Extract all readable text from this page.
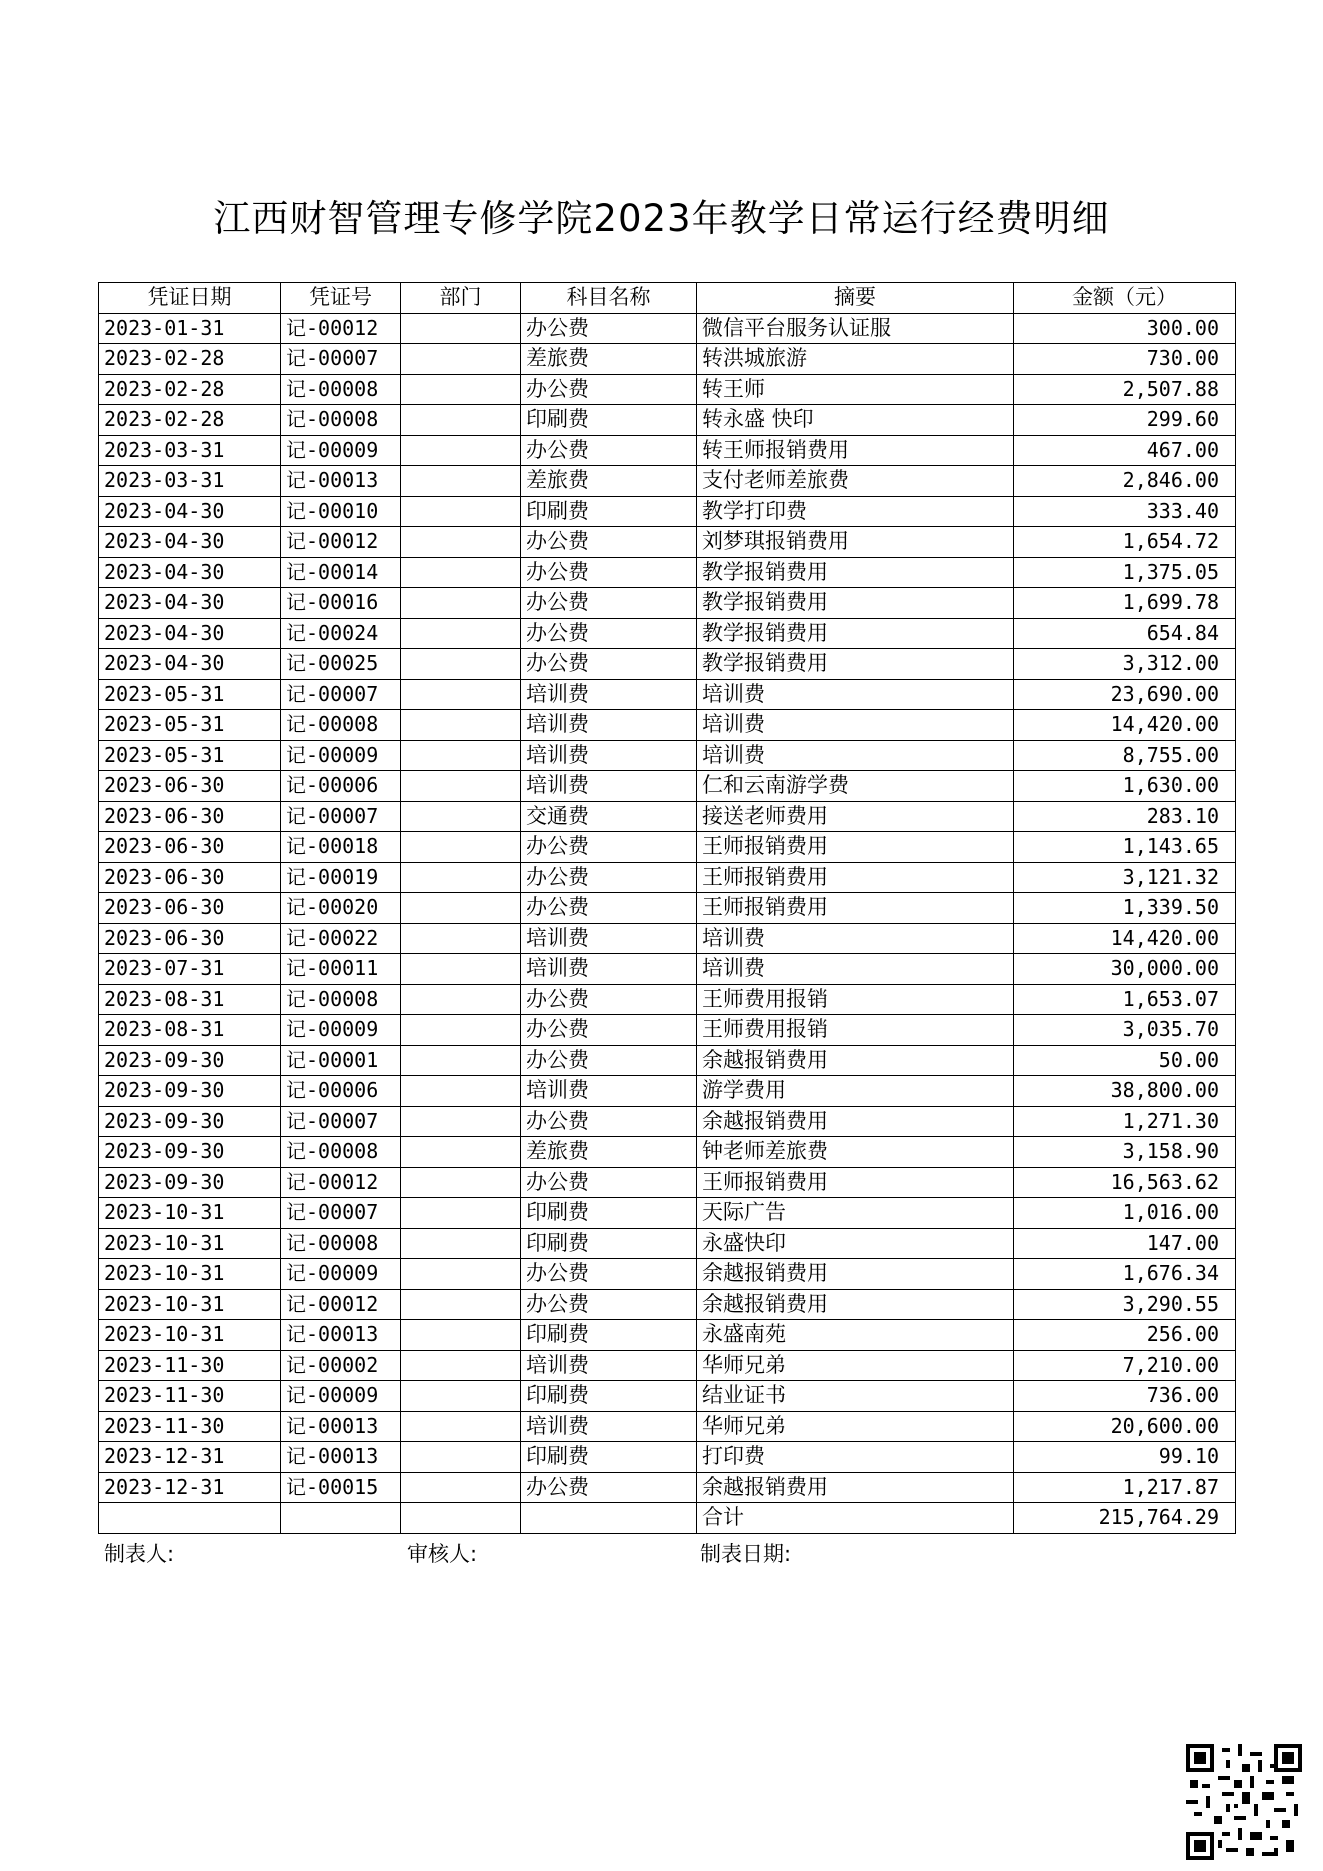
江西财智管理专修学院2023年教学日常运行经费明细
凭证日期	凭证号	部门	科目名称	摘要	金额（元）
2023-01-31	记-00012		办公费	微信平台服务认证服	300.00
2023-02-28	记-00007		差旅费	转洪城旅游	730.00
2023-02-28	记-00008		办公费	转王师	2,507.88
2023-02-28	记-00008		印刷费	转永盛 快印	299.60
2023-03-31	记-00009		办公费	转王师报销费用	467.00
2023-03-31	记-00013		差旅费	支付老师差旅费	2,846.00
2023-04-30	记-00010		印刷费	教学打印费	333.40
2023-04-30	记-00012		办公费	刘梦琪报销费用	1,654.72
2023-04-30	记-00014		办公费	教学报销费用	1,375.05
2023-04-30	记-00016		办公费	教学报销费用	1,699.78
2023-04-30	记-00024		办公费	教学报销费用	654.84
2023-04-30	记-00025		办公费	教学报销费用	3,312.00
2023-05-31	记-00007		培训费	培训费	23,690.00
2023-05-31	记-00008		培训费	培训费	14,420.00
2023-05-31	记-00009		培训费	培训费	8,755.00
2023-06-30	记-00006		培训费	仁和云南游学费	1,630.00
2023-06-30	记-00007		交通费	接送老师费用	283.10
2023-06-30	记-00018		办公费	王师报销费用	1,143.65
2023-06-30	记-00019		办公费	王师报销费用	3,121.32
2023-06-30	记-00020		办公费	王师报销费用	1,339.50
2023-06-30	记-00022		培训费	培训费	14,420.00
2023-07-31	记-00011		培训费	培训费	30,000.00
2023-08-31	记-00008		办公费	王师费用报销	1,653.07
2023-08-31	记-00009		办公费	王师费用报销	3,035.70
2023-09-30	记-00001		办公费	余越报销费用	50.00
2023-09-30	记-00006		培训费	游学费用	38,800.00
2023-09-30	记-00007		办公费	余越报销费用	1,271.30
2023-09-30	记-00008		差旅费	钟老师差旅费	3,158.90
2023-09-30	记-00012		办公费	王师报销费用	16,563.62
2023-10-31	记-00007		印刷费	天际广告	1,016.00
2023-10-31	记-00008		印刷费	永盛快印	147.00
2023-10-31	记-00009		办公费	余越报销费用	1,676.34
2023-10-31	记-00012		办公费	余越报销费用	3,290.55
2023-10-31	记-00013		印刷费	永盛南苑	256.00
2023-11-30	记-00002		培训费	华师兄弟	7,210.00
2023-11-30	记-00009		印刷费	结业证书	736.00
2023-11-30	记-00013		培训费	华师兄弟	20,600.00
2023-12-31	记-00013		印刷费	打印费	99.10
2023-12-31	记-00015		办公费	余越报销费用	1,217.87
				合计	215,764.29
制表人:	审核人:	制表日期:
